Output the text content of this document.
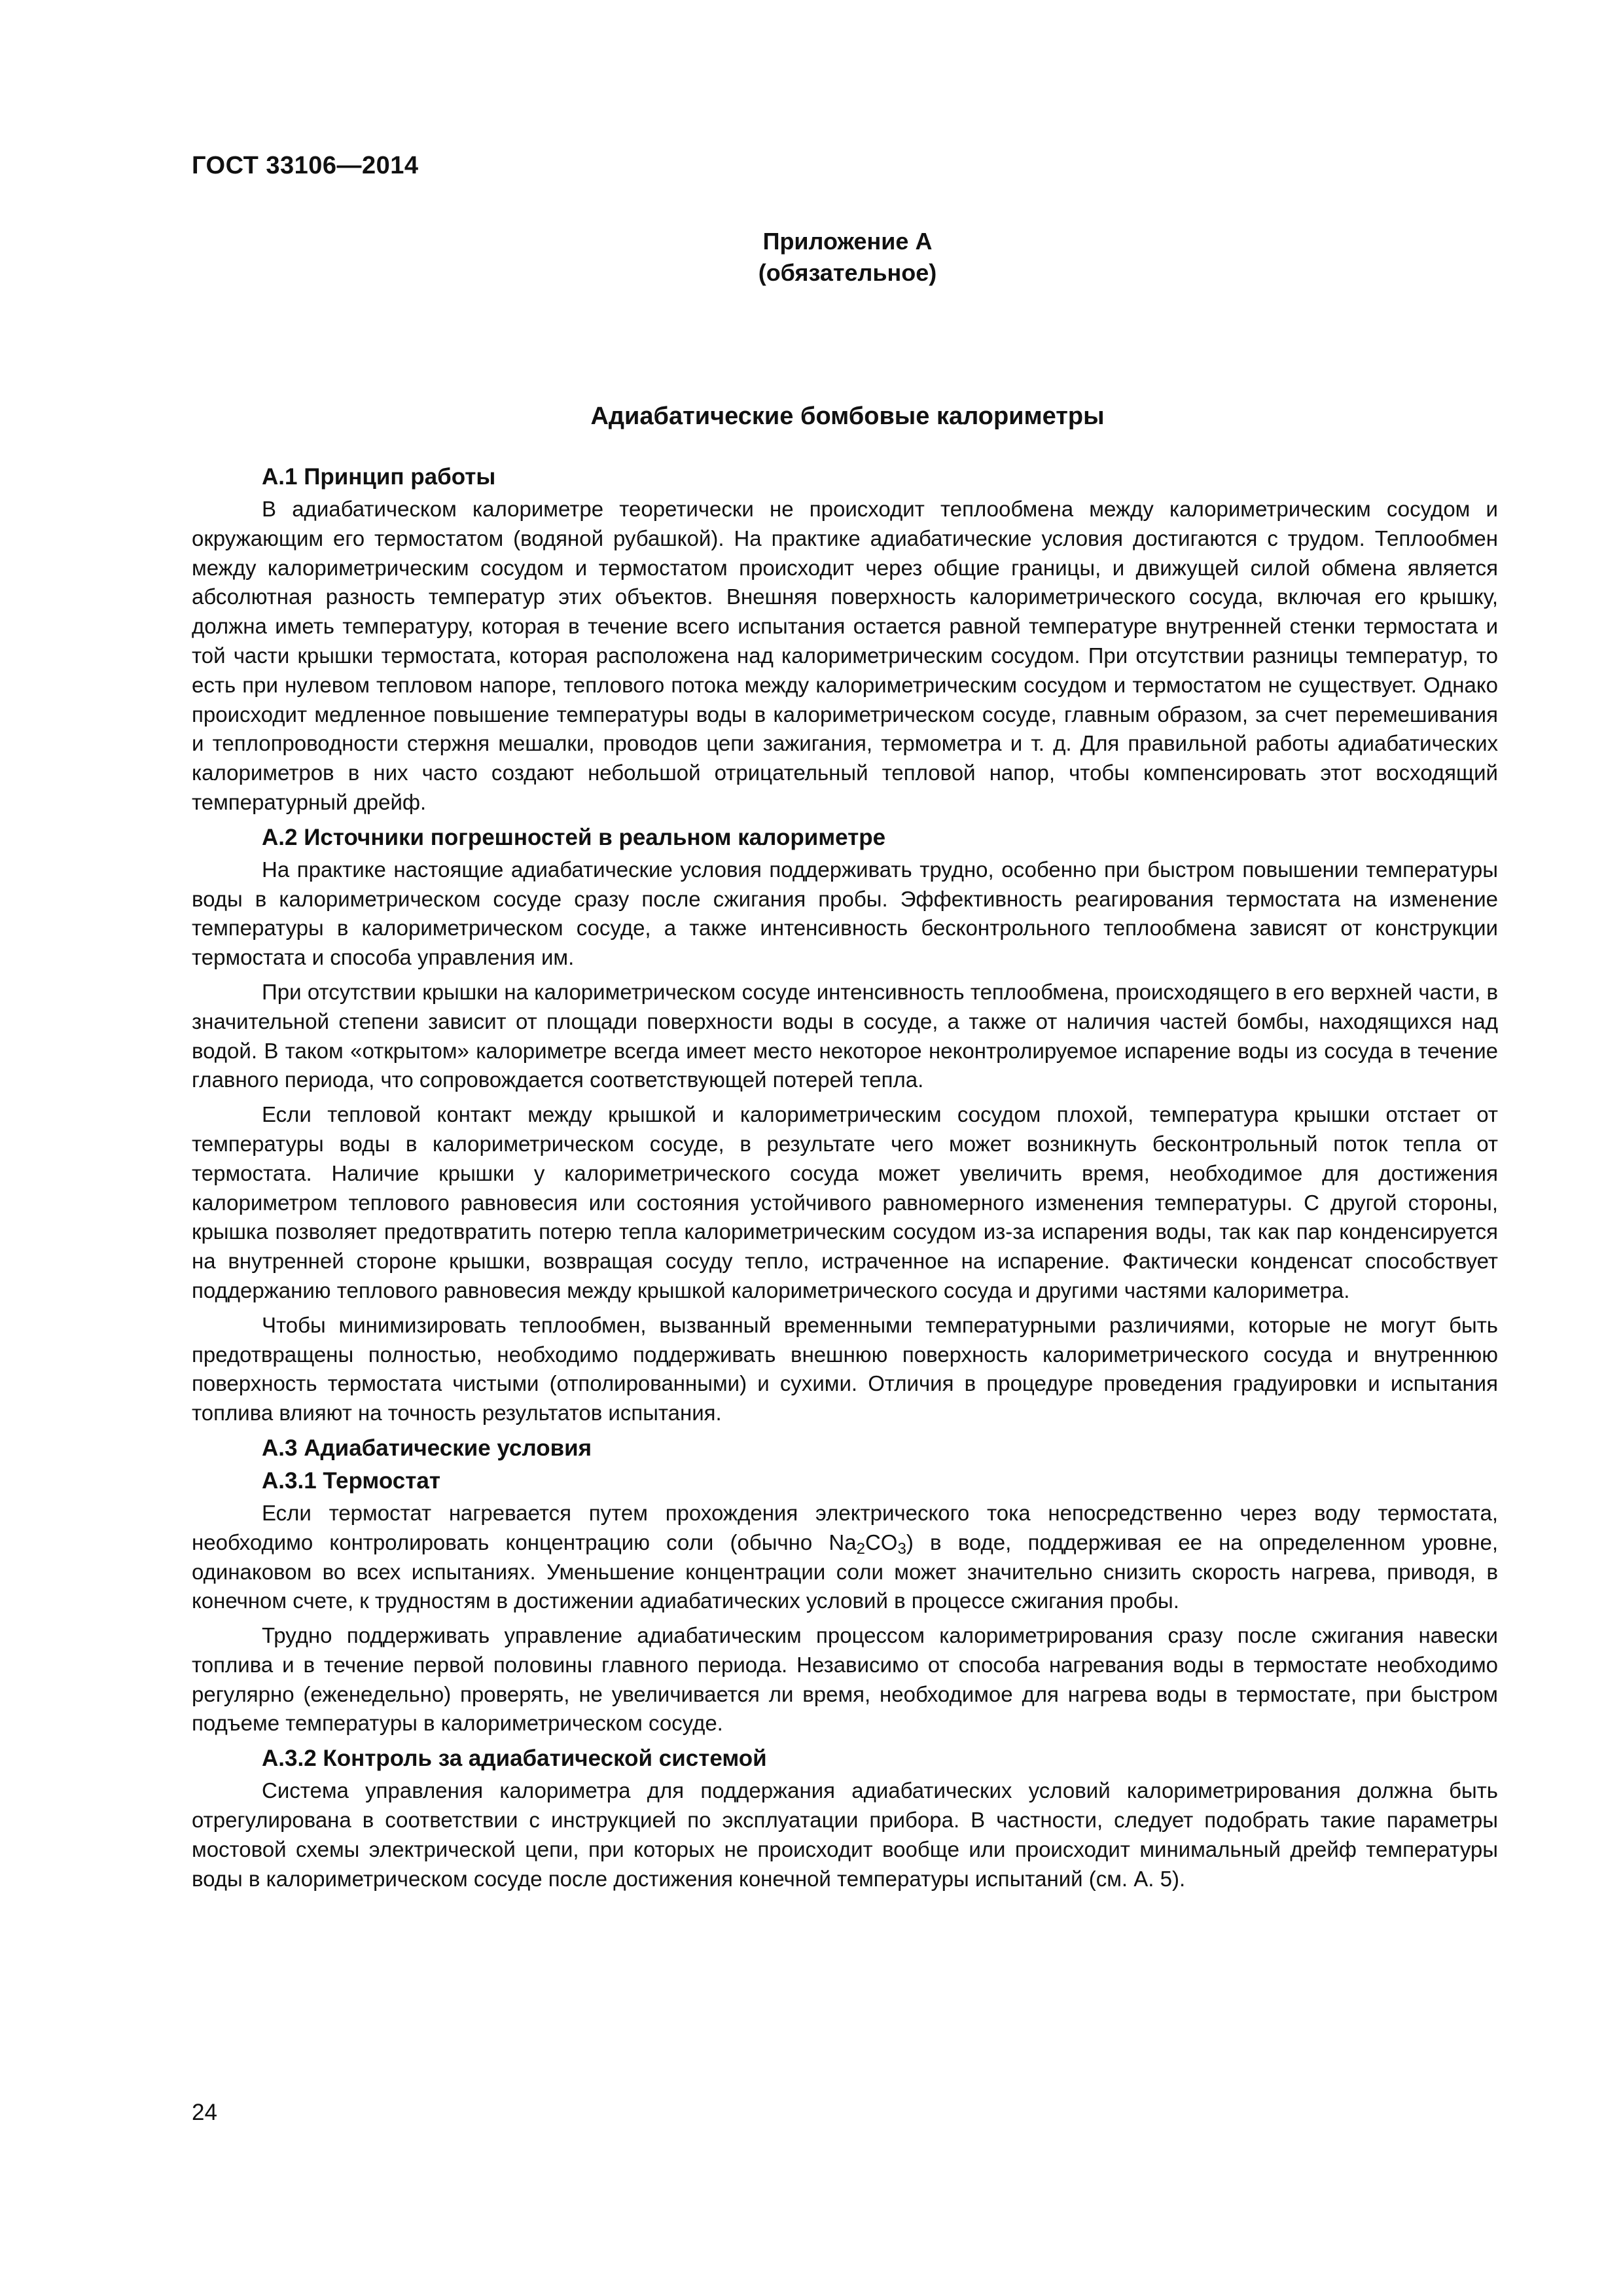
ГОСТ 33106—2014
Приложение А
(обязательное)
Адиабатические бомбовые калориметры
А.1 Принцип работы

В адиабатическом калориметре теоретически не происходит теплообмена между калориметрическим сосудом и окружающим его термостатом (водяной рубашкой). На практике адиабатические условия достигаются с трудом. Теплообмен между калориметрическим сосудом и термостатом происходит через общие границы, и движущей силой обмена является абсолютная разность температур этих объектов. Внешняя поверхность калориметрического сосуда, включая его крышку, должна иметь температуру, которая в течение всего испытания остается равной температуре внутренней стенки термостата и той части крышки термостата, которая расположена над калориметрическим сосудом. При отсутствии разницы температур, то есть при нулевом тепловом напоре, теплового потока между калориметрическим сосудом и термостатом не существует. Однако происходит медленное повышение температуры воды в калориметрическом сосуде, главным образом, за счет перемешивания и теплопроводности стержня мешалки, проводов цепи зажигания, термометра и т. д. Для правильной работы адиабатических калориметров в них часто создают небольшой отрицательный тепловой напор, чтобы компенсировать этот восходящий температурный дрейф.

А.2 Источники погрешностей в реальном калориметре

На практике настоящие адиабатические условия поддерживать трудно, особенно при быстром повышении температуры воды в калориметрическом сосуде сразу после сжигания пробы. Эффективность реагирования термостата на изменение температуры в калориметрическом сосуде, а также интенсивность бесконтрольного теплообмена зависят от конструкции термостата и способа управления им.

При отсутствии крышки на калориметрическом сосуде интенсивность теплообмена, происходящего в его верхней части, в значительной степени зависит от площади поверхности воды в сосуде, а также от наличия частей бомбы, находящихся над водой. В таком «открытом» калориметре всегда имеет место некоторое неконтролируемое испарение воды из сосуда в течение главного периода, что сопровождается соответствующей потерей тепла.

Если тепловой контакт между крышкой и калориметрическим сосудом плохой, температура крышки отстает от температуры воды в калориметрическом сосуде, в результате чего может возникнуть бесконтрольный поток тепла от термостата. Наличие крышки у калориметрического сосуда может увеличить время, необходимое для достижения калориметром теплового равновесия или состояния устойчивого равномерного изменения температуры. С другой стороны, крышка позволяет предотвратить потерю тепла калориметрическим сосудом из-за испарения воды, так как пар конденсируется на внутренней стороне крышки, возвращая сосуду тепло, истраченное на испарение. Фактически конденсат способствует поддержанию теплового равновесия между крышкой калориметрического сосуда и другими частями калориметра.

Чтобы минимизировать теплообмен, вызванный временными температурными различиями, которые не могут быть предотвращены полностью, необходимо поддерживать внешнюю поверхность калориметрического сосуда и внутреннюю поверхность термостата чистыми (отполированными) и сухими. Отличия в процедуре проведения градуировки и испытания топлива влияют на точность результатов испытания.

А.3 Адиабатические условия
А.3.1 Термостат

Если термостат нагревается путем прохождения электрического тока непосредственно через воду термостата, необходимо контролировать концентрацию соли (обычно $Na_2CO_3$) в воде, поддерживая ее на определенном уровне, одинаковом во всех испытаниях. Уменьшение концентрации соли может значительно снизить скорость нагрева, приводя, в конечном счете, к трудностям в достижении адиабатических условий в процессе сжигания пробы.

Трудно поддерживать управление адиабатическим процессом калориметрирования сразу после сжигания навески топлива и в течение первой половины главного периода. Независимо от способа нагревания воды в термостате необходимо регулярно (еженедельно) проверять, не увеличивается ли время, необходимое для нагрева воды в термостате, при быстром подъеме температуры в калориметрическом сосуде.

А.3.2 Контроль за адиабатической системой

Система управления калориметра для поддержания адиабатических условий калориметрирования должна быть отрегулирована в соответствии с инструкцией по эксплуатации прибора. В частности, следует подобрать такие параметры мостовой схемы электрической цепи, при которых не происходит вообще или происходит минимальный дрейф температуры воды в калориметрическом сосуде после достижения конечной температуры испытаний (см. А. 5).

24
